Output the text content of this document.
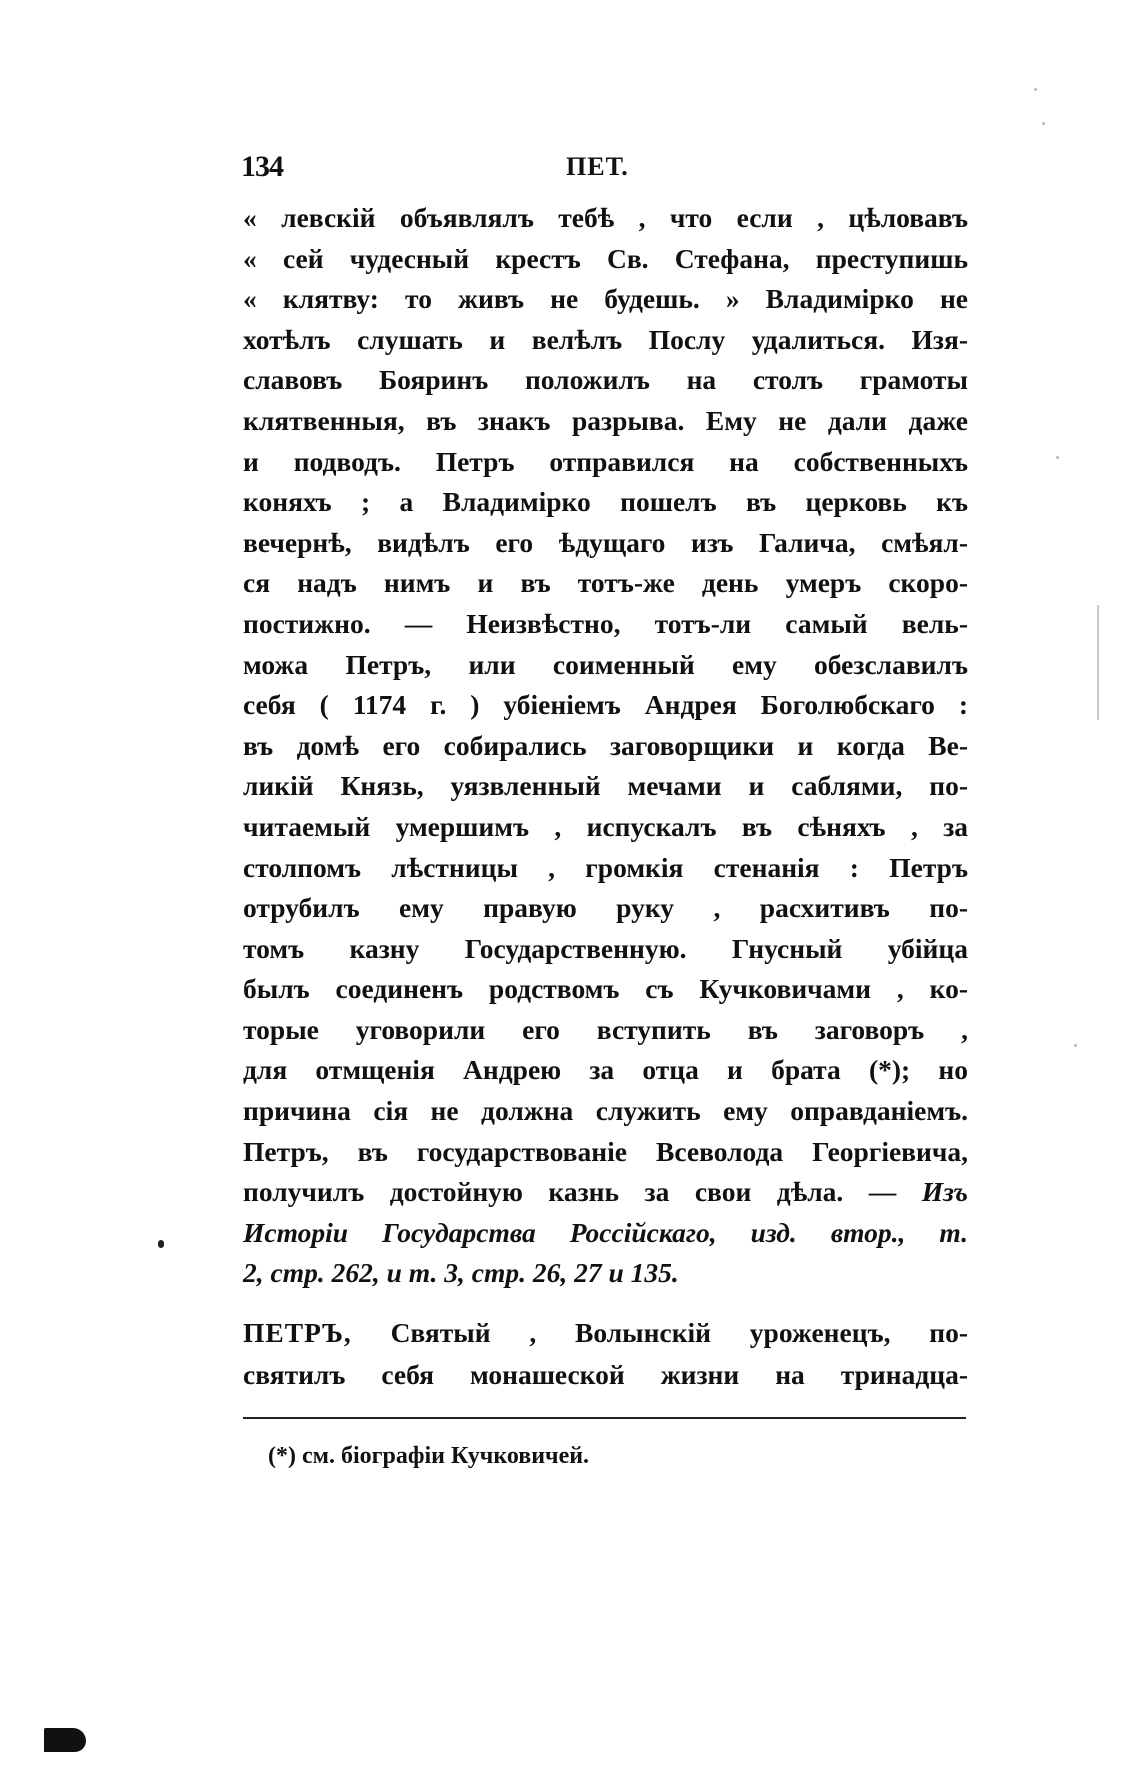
134	ПЕТ.
« левскій объявлялъ тебѣ , что если , цѣловавъ
« сей чудесный крестъ Св. Стефана, преступишь
« клятву: то живъ не будешь. » Владимірко не
хотѣлъ слушать и велѣлъ Послу удалиться. Изя-
славовъ Бояринъ положилъ на столъ грамоты
клятвенныя, въ знакъ разрыва. Ему не дали даже
и подводъ. Петръ отправился на собственныхъ
коняхъ ; а Владимірко пошелъ въ церковь къ
вечернѣ, видѣлъ его ѣдущаго изъ Галича, смѣял-
ся надъ нимъ и въ тотъ-же день умеръ скоро-
постижно. — Неизвѣстно, тотъ-ли самый вель-
можа Петръ, или соименный ему обезславилъ
себя ( 1174 г. ) убіеніемъ Андрея Боголюбскаго :
въ домѣ его собирались заговорщики и когда Ве-
ликій Князь, уязвленный мечами и саблями, по-
читаемый умершимъ , испускалъ въ сѣняхъ , за
столпомъ лѣстницы , громкія стенанія : Петръ
отрубилъ ему правую руку , расхитивъ по-
томъ казну Государственную. Гнусный убійца
былъ соединенъ родствомъ съ Кучковичами , ко-
торые уговорили его вступить въ заговоръ ,
для отмщенія Андрею за отца и брата (*); но
причина сія не должна служить ему оправданіемъ.
Петръ, въ государствованіе Всеволода Георгіевича,
получилъ достойную казнь за свои дѣла. — Изъ
Исторіи Государства Россійскаго, изд. втор., т.
2, стр. 262, и т. 3, стр. 26, 27 и 135.
ПЕТРЪ, Святый , Волынскій уроженецъ, по-
святилъ себя монашеской жизни на тринадца-
(*) см. біографіи Кучковичей.
